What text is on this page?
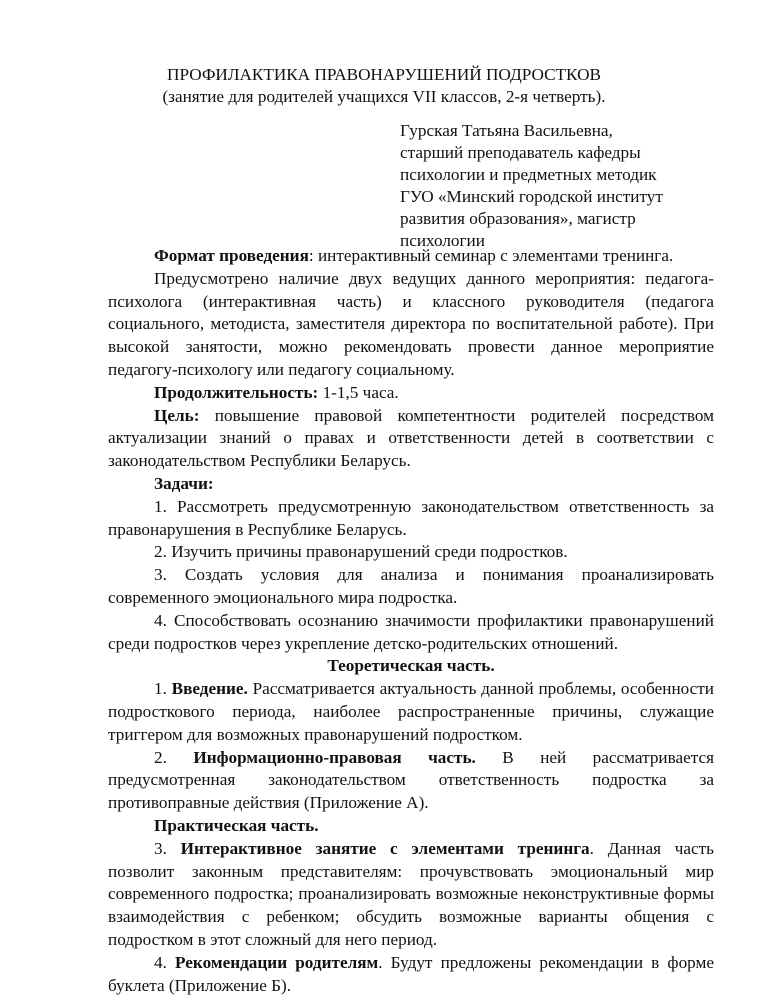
ПРОФИЛАКТИКА ПРАВОНАРУШЕНИЙ ПОДРОСТКОВ
(занятие для родителей учащихся VII классов, 2-я четверть).
Гурская Татьяна Васильевна,
старший преподаватель кафедры
психологии и предметных методик
ГУО «Минский городской институт
развития образования», магистр
психологии

Формат проведения: интерактивный семинар с элементами тренинга.

Предусмотрено наличие двух ведущих данного мероприятия: педагога-психолога (интерактивная часть) и классного руководителя (педагога социального, методиста, заместителя директора по воспитательной работе). При высокой занятости, можно рекомендовать провести данное мероприятие педагогу-психологу или педагогу социальному.

Продолжительность: 1-1,5 часа.

Цель: повышение правовой компетентности родителей посредством актуализации знаний о правах и ответственности детей в соответствии с законодательством Республики Беларусь.

Задачи:

1. Рассмотреть предусмотренную законодательством ответственность за правонарушения в Республике Беларусь.

2. Изучить причины правонарушений среди подростков.

3. Создать условия для анализа и понимания проанализировать современного эмоционального мира подростка.

4. Способствовать осознанию значимости профилактики правонарушений среди подростков через укрепление детско-родительских отношений.

Теоретическая часть.

1. Введение. Рассматривается актуальность данной проблемы, особенности подросткового периода, наиболее распространенные причины, служащие триггером для возможных правонарушений подростком.

2. Информационно-правовая часть. В ней рассматривается предусмотренная законодательством ответственность подростка за противоправные действия (Приложение А).

Практическая часть.

3. Интерактивное занятие с элементами тренинга. Данная часть позволит законным представителям: прочувствовать эмоциональный мир современного подростка; проанализировать возможные неконструктивные формы взаимодействия с ребенком; обсудить возможные варианты общения с подростком в этот сложный для него период.

4. Рекомендации родителям. Будут предложены рекомендации в форме буклета (Приложение Б).
